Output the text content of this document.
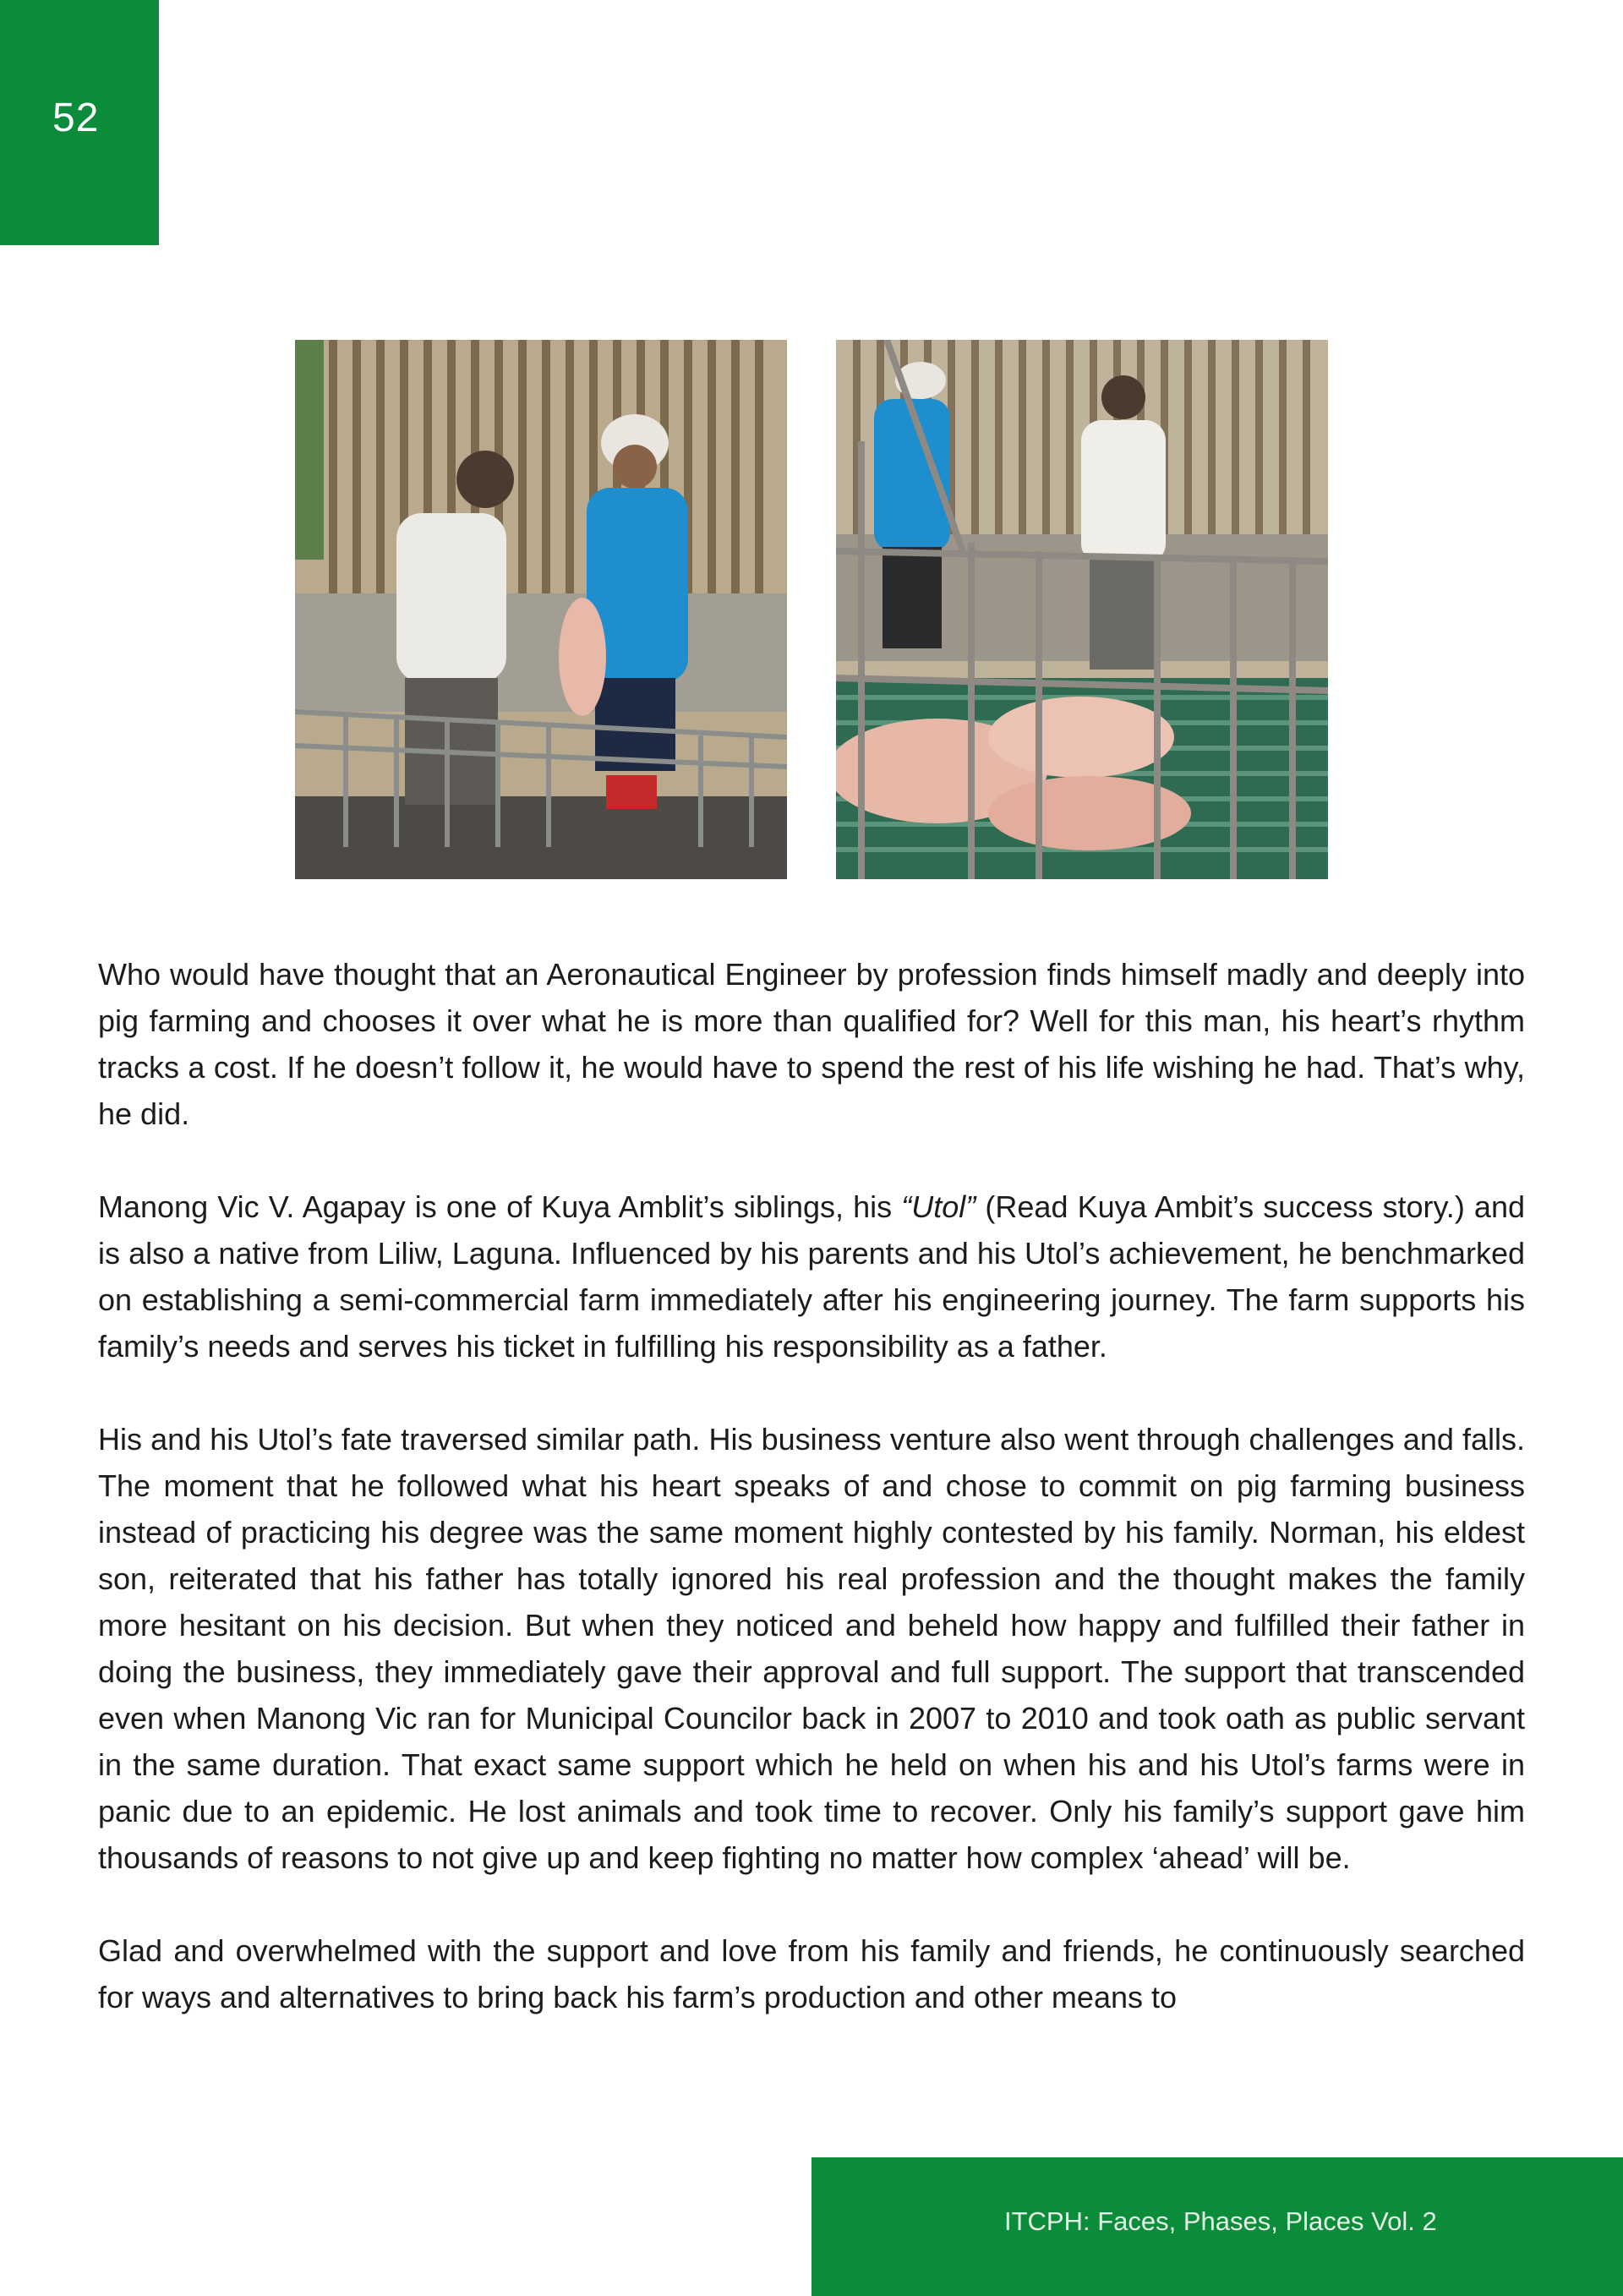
52

Who would have thought that an Aeronautical Engineer by profession finds himself madly and deeply into pig farming and chooses it over what he is more than qualified for? Well for this man, his heart’s rhythm tracks a cost. If he doesn’t follow it, he would have to spend the rest of his life wishing he had. That’s why, he did.

Manong Vic V. Agapay is one of Kuya Amblit’s siblings, his “Utol” (Read Kuya Ambit’s success story.) and is also a native from Liliw, Laguna. Influenced by his parents and his Utol’s achievement, he benchmarked on establishing a semi-commercial farm immediately after his engineering journey. The farm supports his family’s needs and serves his ticket in fulfilling his responsibility as a father.

His and his Utol’s fate traversed similar path. His business venture also went through challenges and falls. The moment that he followed what his heart speaks of and chose to commit on pig farming business instead of practicing his degree was the same moment highly contested by his family. Norman, his eldest son, reiterated that his father has totally ignored his real profession and the thought makes the family more hesitant on his decision. But when they noticed and beheld how happy and fulfilled their father in doing the business, they immediately gave their approval and full support. The support that transcended even when Manong Vic ran for Municipal Councilor back in 2007 to 2010 and took oath as public servant in the same duration. That exact same support which he held on when his and his Utol’s farms were in panic due to an epidemic. He lost animals and took time to recover. Only his family’s support gave him thousands of reasons to not give up and keep fighting no matter how complex ‘ahead’ will be.

Glad and overwhelmed with the support and love from his family and friends, he continuously searched for ways and alternatives to bring back his farm’s production and other means to

ITCPH: Faces, Phases, Places Vol. 2
